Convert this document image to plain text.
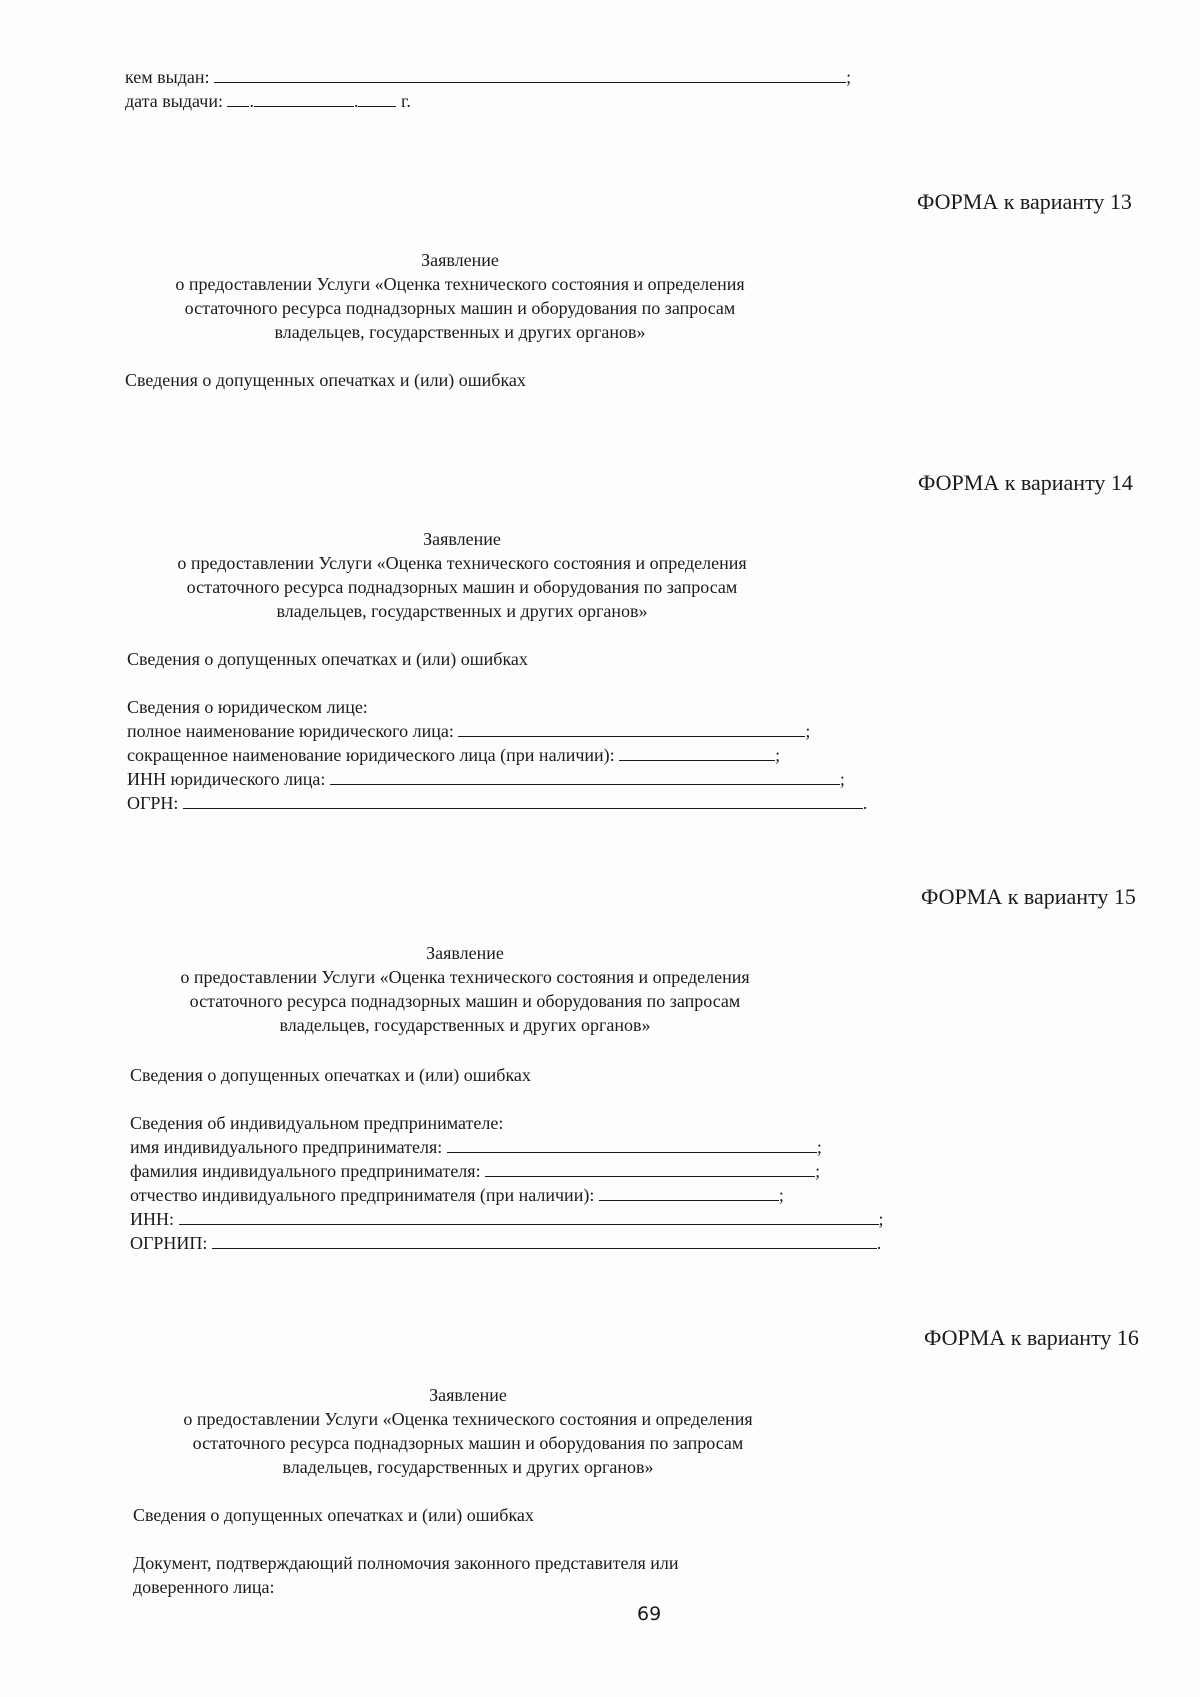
кем выдан:	;
дата выдачи: .	. г.
ФОРМА к варианту 13
Заявление
о предоставлении Услуги «Оценка технического состояния и определения
остаточного ресурса поднадзорных машин и оборудования по запросам
владельцев, государственных и других органов»
Сведения о допущенных опечатках и (или) ошибках
ФОРМА к варианту 14
Заявление
о предоставлении Услуги «Оценка технического состояния и определения
остаточного ресурса поднадзорных машин и оборудования по запросам
владельцев, государственных и других органов»
Сведения о допущенных опечатках и (или) ошибках
Сведения о юридическом лице:
полное наименование юридического лица:	;
сокращенное наименование юридического лица (при наличии):	;
ИНН юридического лица:	;
ОГРН:	.
ФОРМА к варианту 15
Заявление
о предоставлении Услуги «Оценка технического состояния и определения
остаточного ресурса поднадзорных машин и оборудования по запросам
владельцев, государственных и других органов»
Сведения о допущенных опечатках и (или) ошибках
Сведения об индивидуальном предпринимателе:
имя индивидуального предпринимателя:	;
фамилия индивидуального предпринимателя:	;
отчество индивидуального предпринимателя (при наличии):	;
ИНН:	;
ОГРНИП:	.
ФОРМА к варианту 16
Заявление
о предоставлении Услуги «Оценка технического состояния и определения
остаточного ресурса поднадзорных машин и оборудования по запросам
владельцев, государственных и других органов»
Сведения о допущенных опечатках и (или) ошибках
Документ, подтверждающий полномочия законного представителя или
доверенного лица:
69
